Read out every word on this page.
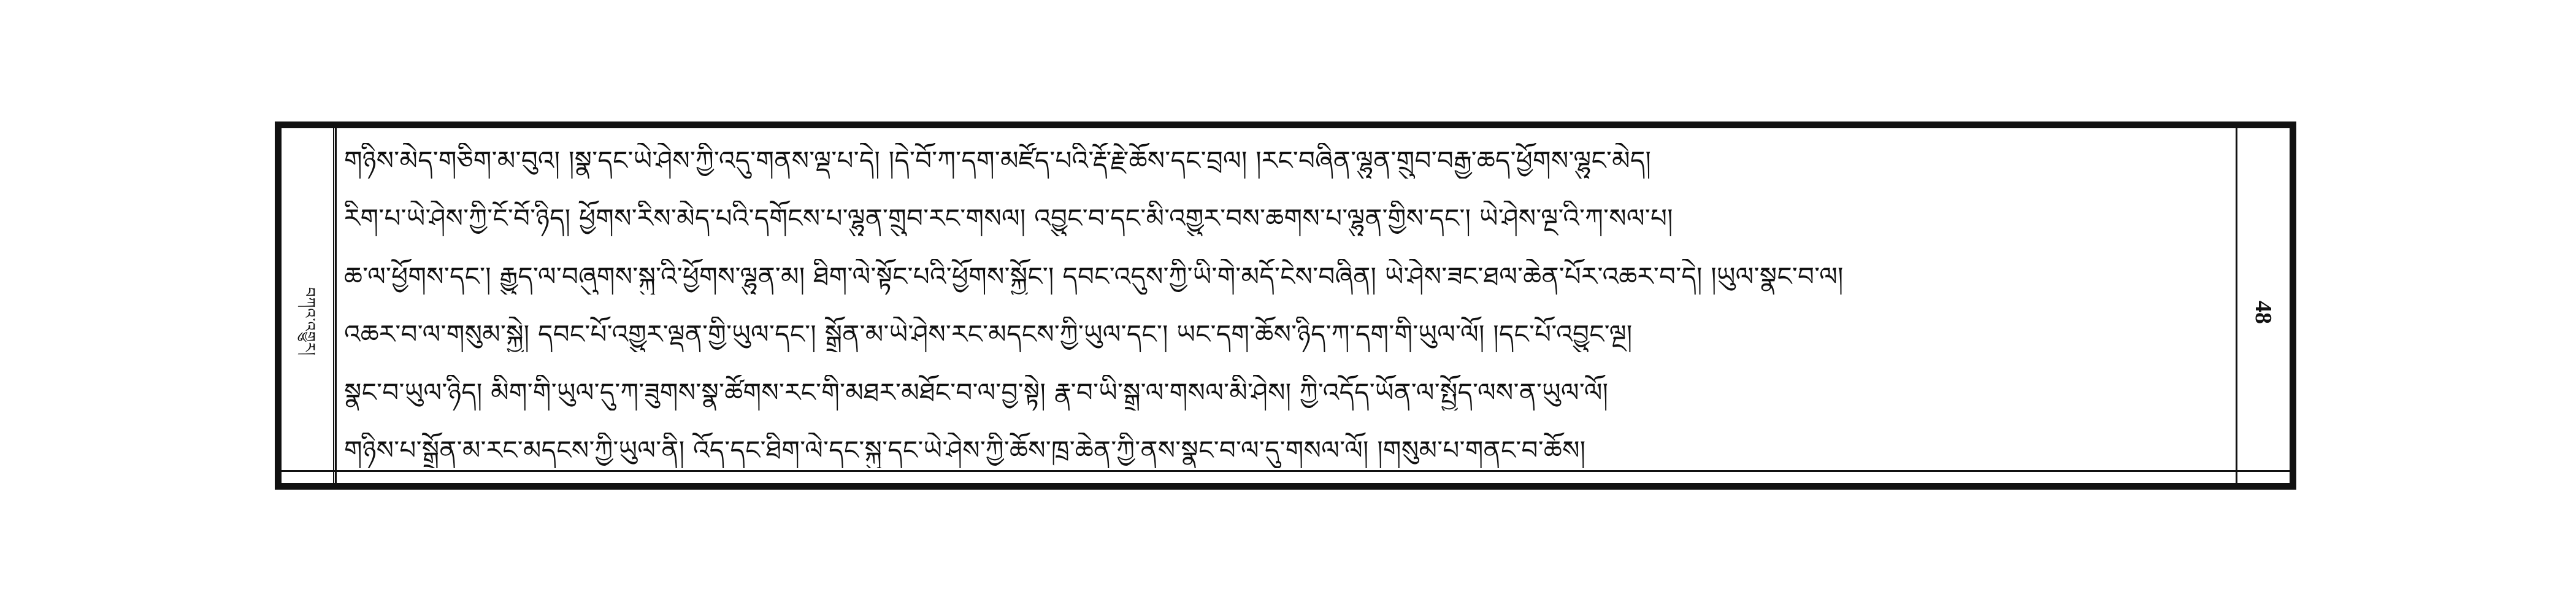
བཀའ་འགྱུར།
གཉིས་མེད་གཅིག་མ་བུའ། །སྣ་དང་ཡེ་ཤེས་ཀྱི་འདུ་གནས་ལྡ་པ་དེ། །དེ་བོ་ཀ་དག་མཛོད་པའི་རྡོ་རྗེ་ཆོས་དང་བྲལ། །རང་བཞིན་ལྷུན་གྲུབ་བརྒྱ་ཆད་ཕྱོགས་ལྷུང་མེད།
རིག་པ་ཡེ་ཤེས་ཀྱི་ངོ་བོ་ཉིད། ཕྱོགས་རིས་མེད་པའི་དགོངས་པ་ལྷུན་གྲུབ་རང་གསལ། འབྱུང་བ་དང་མི་འགྱུར་བས་ཆགས་པ་ལྷུན་གྱིས་དང་། ཡེ་ཤེས་ལྔ་འི་ཀ་སལ་པ།
ཆ་ལ་ཕྱོགས་དང་། རྒྱུད་ལ་བཞུགས་སྐུ་འི་ཕྱོགས་ལྷུན་མ། ཐིག་ལེ་སྟོང་པའི་ཕྱོགས་སྐྱོང་། དབང་འདུས་ཀྱི་ཡི་གེ་མདོ་ངེས་བཞིན། ཡེ་ཤེས་ཟང་ཐལ་ཆེན་པོར་འཆར་བ་དེ། །ཡུལ་སྣང་བ་ལ།
འཆར་བ་ལ་གསུམ་སྐྱེ། དབང་པོ་འགྱུར་ལྡན་གྱི་ཡུལ་དང་། སྒྲོན་མ་ཡེ་ཤེས་རང་མདངས་ཀྱི་ཡུལ་དང་། ཡང་དག་ཆོས་ཉིད་ཀ་དག་གི་ཡུལ་ལོ། །དང་པོ་འབྱུང་ལྔ།
སྣང་བ་ཡུལ་ཉིད། མིག་གི་ཡུལ་དུ་ཀ་ཟུགས་སྣ་ཚོགས་རང་གི་མཐར་མཐོང་བ་ལ་བྱ་སྟེ། རྣ་བ་ཡི་སྒྲ་ལ་གསལ་མི་ཤེས། ཀྱི་འདོད་ཡོན་ལ་སྤྱོད་ལས་ན་ཡུལ་ལོ།
གཉིས་པ་སྒྲོན་མ་རང་མདངས་ཀྱི་ཡུལ་ནི། འོད་དང་ཐིག་ལེ་དང་སྐུ་དང་ཡེ་ཤེས་ཀྱི་ཆོས་ཁྲ་ཆེན་ཀྱི་ནས་སྣང་བ་ལ་དུ་གསལ་ལོ། །གསུམ་པ་གནང་བ་ཆོས།
48
